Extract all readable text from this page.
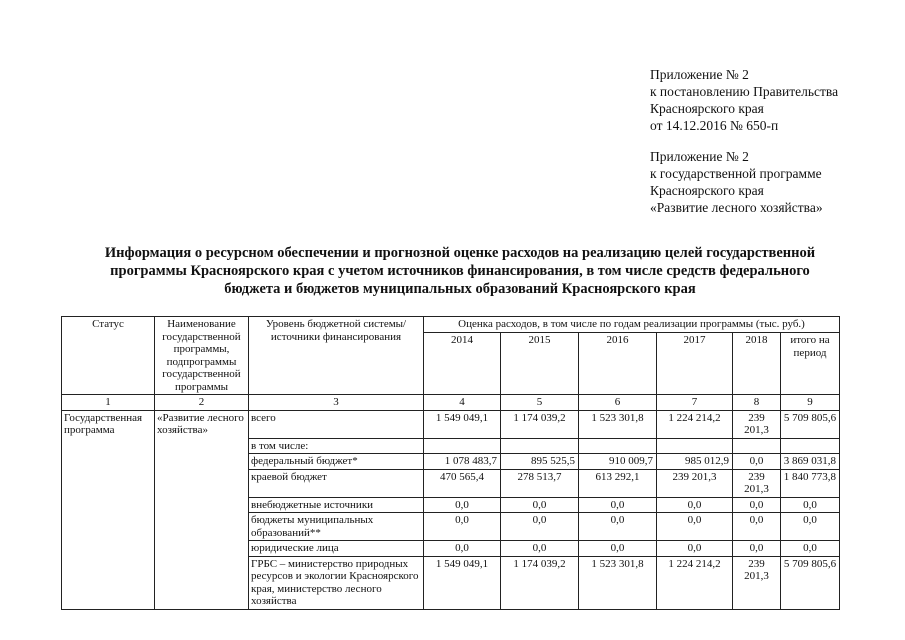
Приложение № 2
к постановлению Правительства
Красноярского края
от 14.12.2016 № 650-п
Приложение № 2
к государственной программе
Красноярского края
«Развитие лесного хозяйства»
Информация о ресурсном обеспечении и прогнозной оценке расходов на реализацию целей государственной
программы Красноярского края с учетом источников финансирования, в том числе средств федерального
бюджета и бюджетов муниципальных образований Красноярского края
Статус	Наименование государственной программы, подпрограммы государственной программы	Уровень бюджетной системы/источники финансирования	Оценка расходов, в том числе по годам реализации программы (тыс. руб.)					
			2014	2015	2016	2017	2018	итого на период
1	2	3	4	5	6	7	8	9
Государственная программа	«Развитие лесного хозяйства»	всего	1 549 049,1	1 174 039,2	1 523 301,8	1 224 214,2	239 201,3	5 709 805,6
		в том числе:						
		федеральный бюджет*	1 078 483,7	895 525,5	910 009,7	985 012,9	0,0	3 869 031,8
		краевой бюджет	470 565,4	278 513,7	613 292,1	239 201,3	239 201,3	1 840 773,8
		внебюджетные источники	0,0	0,0	0,0	0,0	0,0	0,0
		бюджеты муниципальных образований**	0,0	0,0	0,0	0,0	0,0	0,0
		юридические лица	0,0	0,0	0,0	0,0	0,0	0,0
		ГРБС – министерство природных ресурсов и экологии Красноярского края, министерство лесного хозяйства	1 549 049,1	1 174 039,2	1 523 301,8	1 224 214,2	239 201,3	5 709 805,6
